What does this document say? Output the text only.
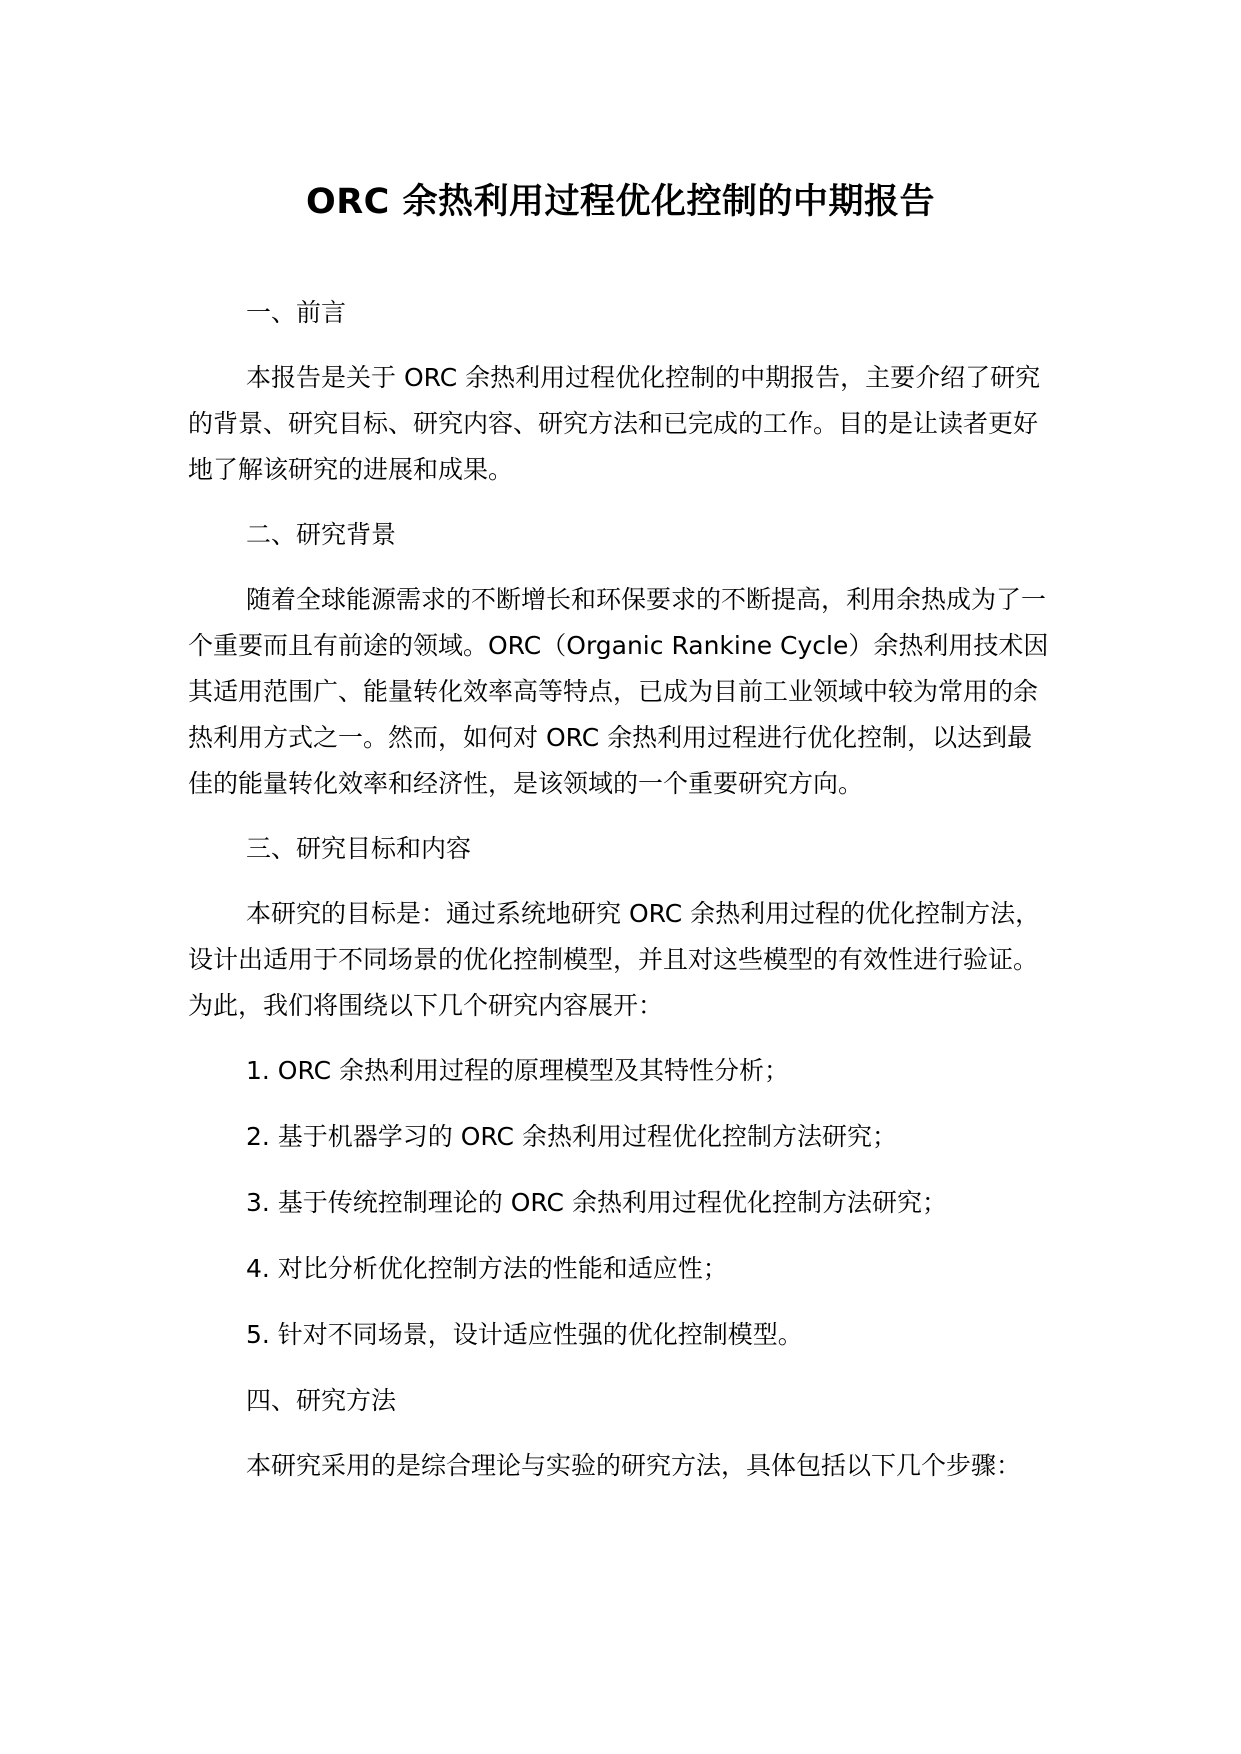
ORC 余热利用过程优化控制的中期报告

一、前言

本报告是关于 ORC 余热利用过程优化控制的中期报告，主要介绍了研究的背景、研究目标、研究内容、研究方法和已完成的工作。目的是让读者更好地了解该研究的进展和成果。

二、研究背景

随着全球能源需求的不断增长和环保要求的不断提高，利用余热成为了一个重要而且有前途的领域。ORC（Organic Rankine Cycle）余热利用技术因其适用范围广、能量转化效率高等特点，已成为目前工业领域中较为常用的余热利用方式之一。然而，如何对 ORC 余热利用过程进行优化控制，以达到最佳的能量转化效率和经济性，是该领域的一个重要研究方向。

三、研究目标和内容

本研究的目标是：通过系统地研究 ORC 余热利用过程的优化控制方法，设计出适用于不同场景的优化控制模型，并且对这些模型的有效性进行验证。为此，我们将围绕以下几个研究内容展开：

1. ORC 余热利用过程的原理模型及其特性分析；

2. 基于机器学习的 ORC 余热利用过程优化控制方法研究；

3. 基于传统控制理论的 ORC 余热利用过程优化控制方法研究；

4. 对比分析优化控制方法的性能和适应性；

5. 针对不同场景，设计适应性强的优化控制模型。

四、研究方法

本研究采用的是综合理论与实验的研究方法，具体包括以下几个步骤：
